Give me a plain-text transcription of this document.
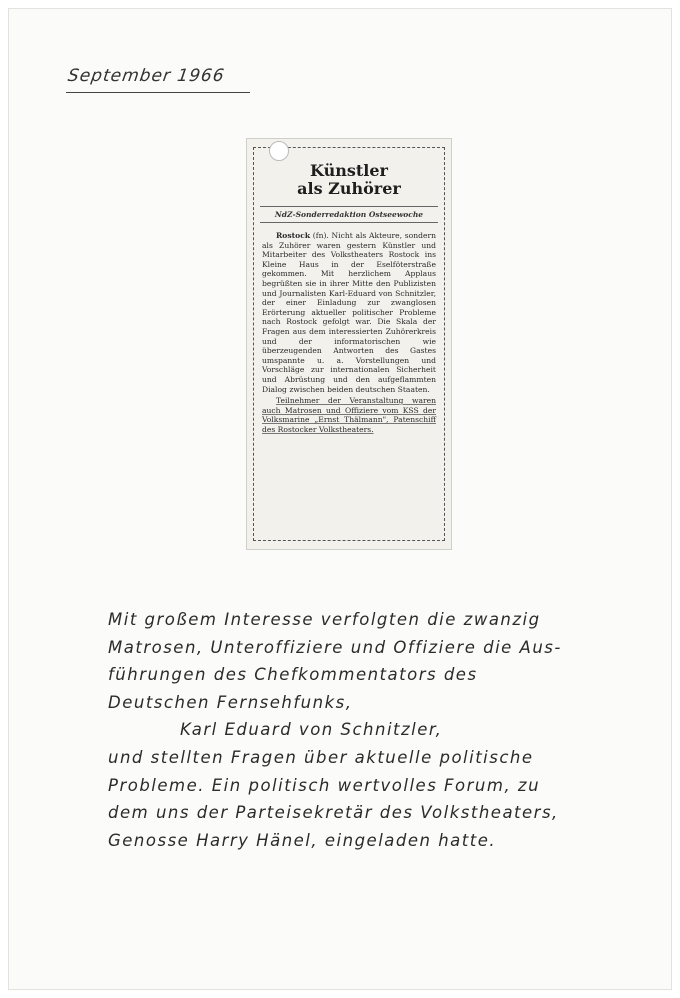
September 1966
Künstler
als Zuhörer
NdZ-Sonderredaktion Ostseewoche
Rostock (fn). Nicht als Akteure, sondern als Zuhörer waren gestern Künstler und Mitarbeiter des Volkstheaters Rostock ins Kleine Haus in der Eselföterstraße gekommen. Mit herzlichem Applaus begrüßten sie in ihrer Mitte den Publizisten und Journalisten Karl-Eduard von Schnitzler, der einer Einladung zur zwanglosen Erörterung aktueller politischer Probleme nach Rostock gefolgt war. Die Skala der Fragen aus dem interessierten Zuhörerkreis und der informatorischen wie überzeugenden Antworten des Gastes umspannte u. a. Vorstellungen und Vorschläge zur internationalen Sicherheit und Abrüstung und den aufgeflammten Dialog zwischen beiden deutschen Staaten.
Teilnehmer der Veranstaltung waren auch Matrosen und Offiziere vom KSS der Volksmarine „Ernst Thälmann", Patenschiff des Rostocker Volkstheaters.
Mit großem Interesse verfolgten die zwanzig
Matrosen, Unteroffiziere und Offiziere die Aus-
führungen des Chefkommentators des
Deutschen Fernsehfunks,
Karl Eduard von Schnitzler,
und stellten Fragen über aktuelle politische
Probleme. Ein politisch wertvolles Forum, zu
dem uns der Parteisekretär des Volkstheaters,
Genosse Harry Hänel, eingeladen hatte.
